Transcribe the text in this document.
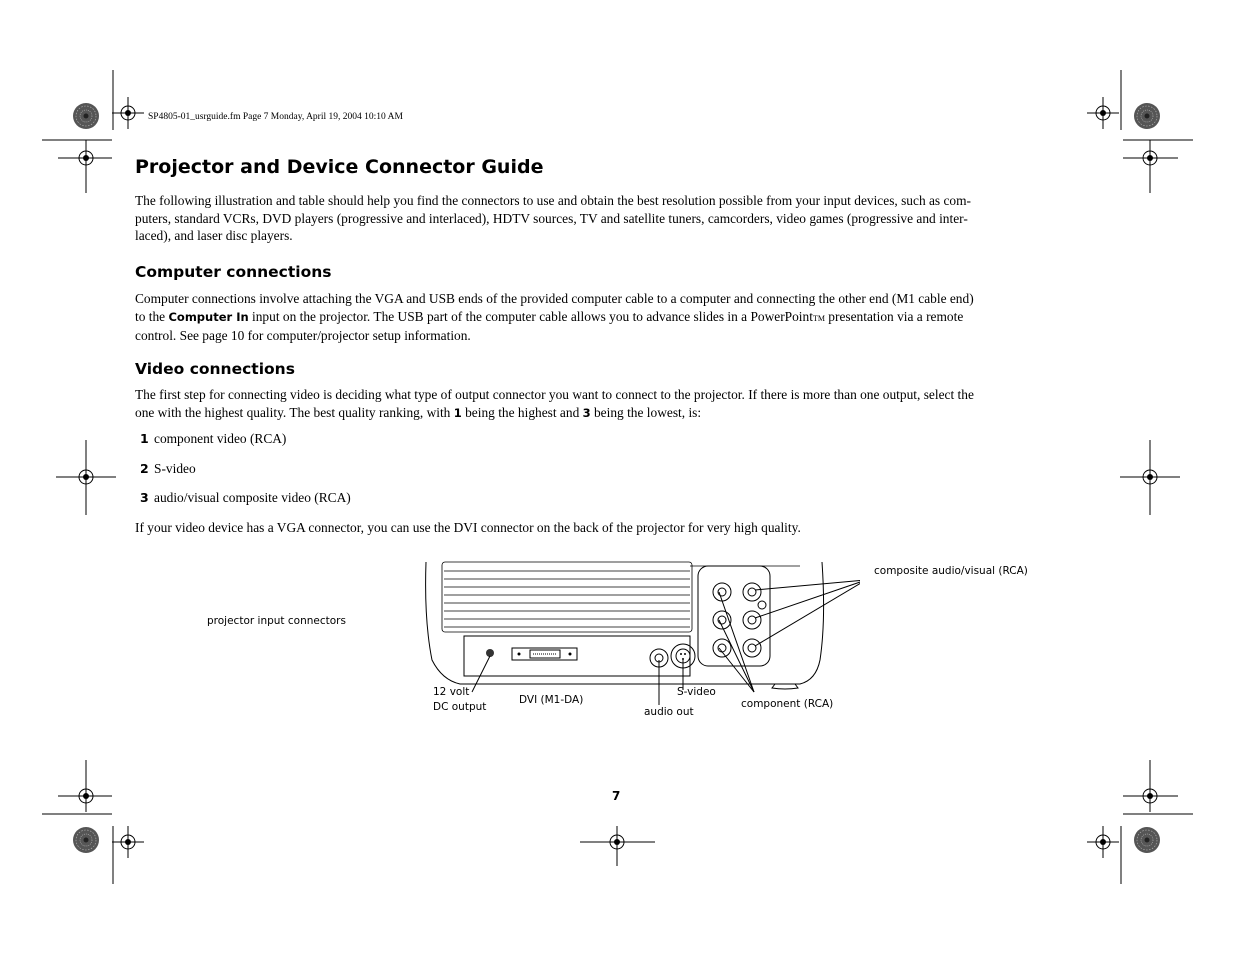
SP4805-01_usrguide.fm Page 7 Monday, April 19, 2004 10:10 AM
Projector and Device Connector Guide

The following illustration and table should help you find the connectors to use and obtain the best resolution possible from your input devices, such as com-

puters, standard VCRs, DVD players (progressive and interlaced), HDTV sources, TV and satellite tuners, camcorders, video games (progressive and inter-

laced), and laser disc players.

Computer connections

Computer connections involve attaching the VGA and USB ends of the provided computer cable to a computer and connecting the other end (M1 cable end)

to the Computer In input on the projector. The USB part of the computer cable allows you to advance slides in a PowerPointTM presentation via a remote

control. See page 10 for computer/projector setup information.

Video connections

The first step for connecting video is deciding what type of output connector you want to connect to the projector. If there is more than one output, select the

one with the highest quality. The best quality ranking, with 1 being the highest and 3 being the lowest, is:

1 component video (RCA)
2 S-video
3 audio/visual composite video (RCA)

If your video device has a VGA connector, you can use the DVI connector on the back of the projector for very high quality.

projector input connectors
composite audio/visual (RCA)
12 volt
DC output
DVI (M1-DA)
S-video
audio out
component (RCA)
7
